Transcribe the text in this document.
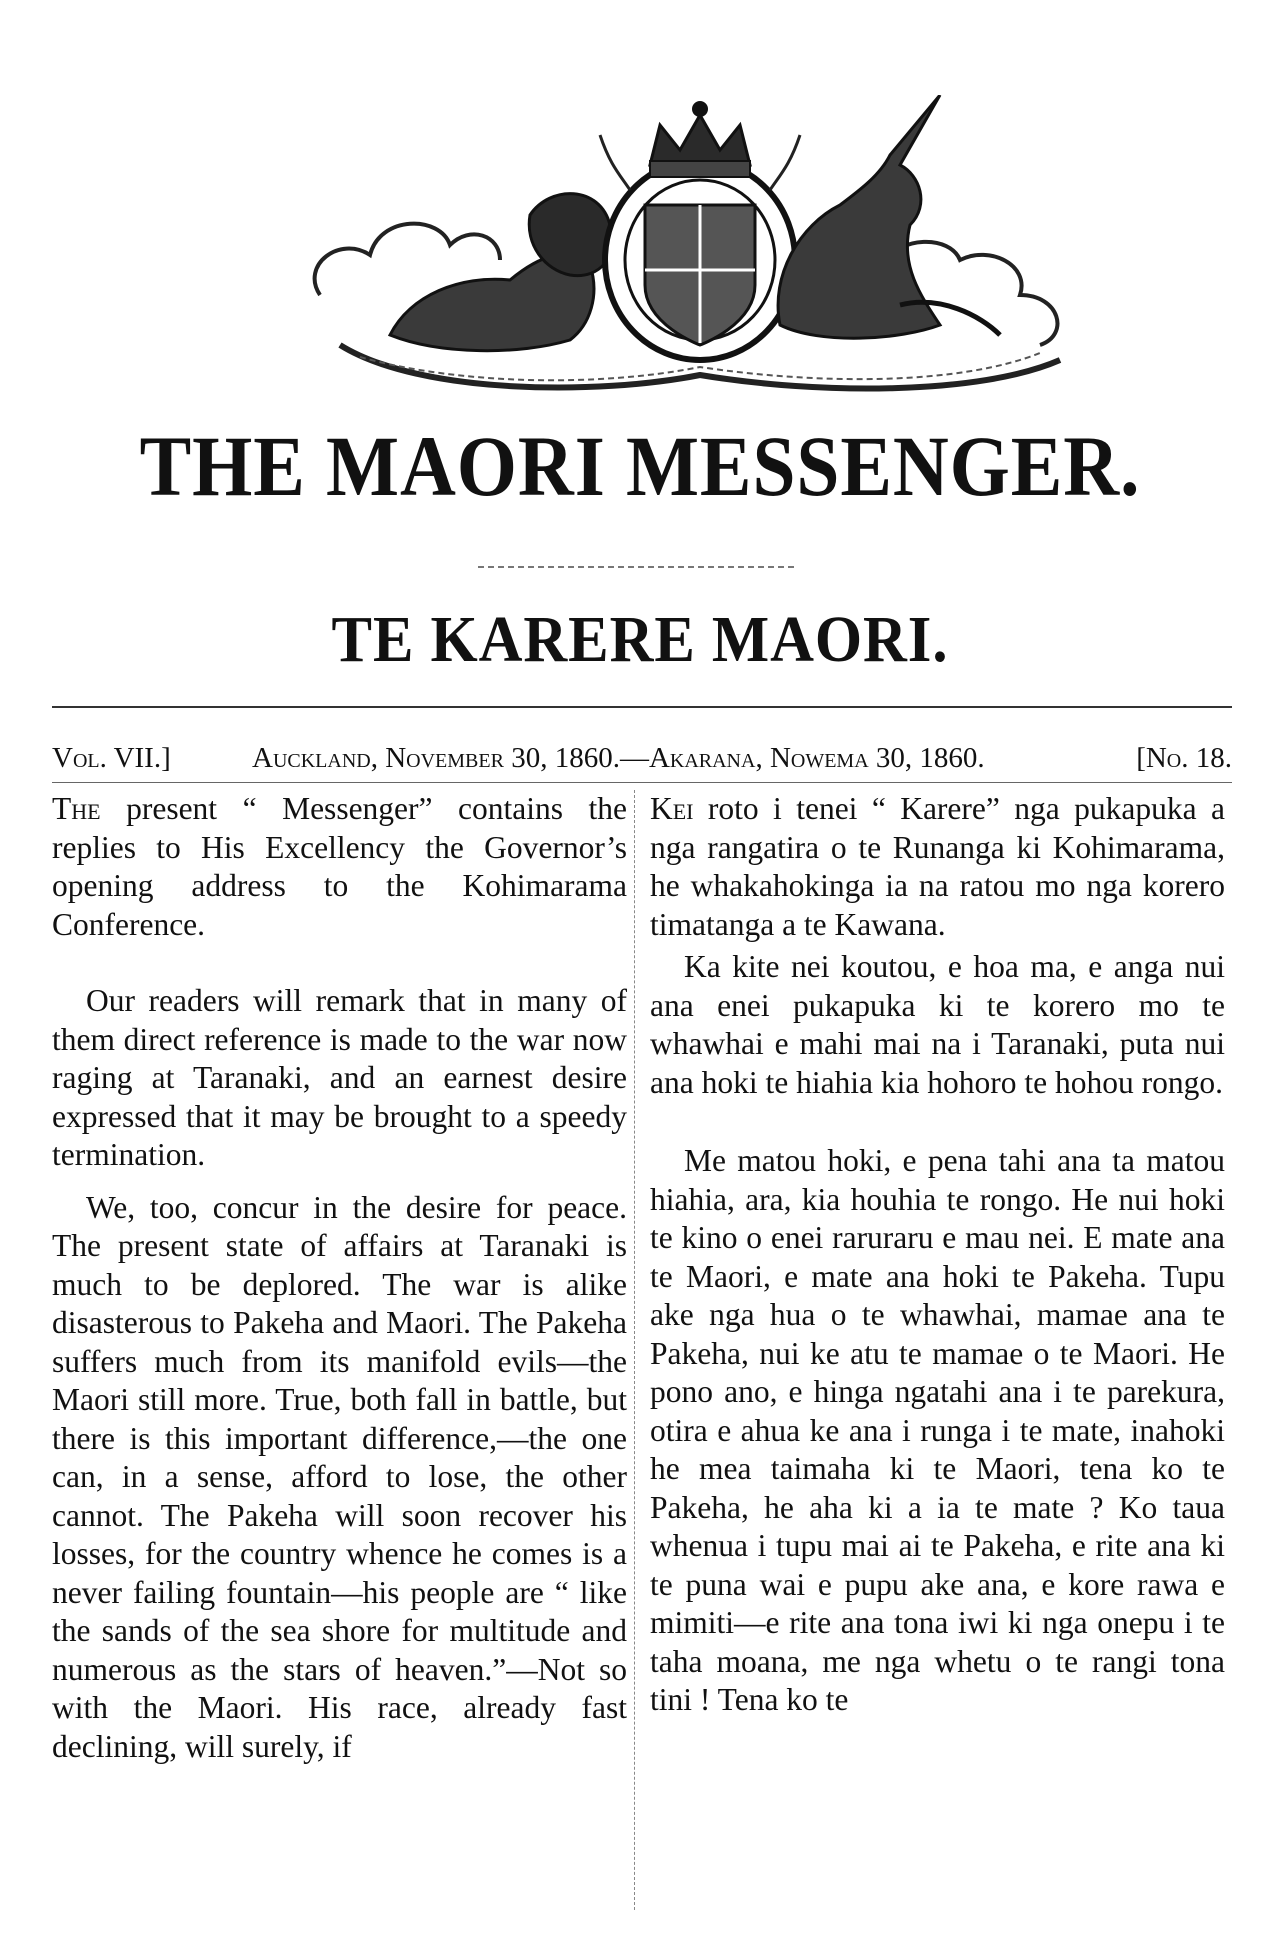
THE MAORI MESSENGER.
TE KARERE MAORI.
Vol. VII.]	Auckland, November 30, 1860.—Akarana, Nowema 30, 1860.	[No. 18.

The present “ Messenger” contains the replies to His Excellency the Governor’s opening address to the Kohimarama Conference.

Our readers will remark that in many of them direct reference is made to the war now raging at Taranaki, and an earnest desire expressed that it may be brought to a speedy termination.

We, too, concur in the desire for peace. The present state of affairs at Taranaki is much to be deplored. The war is alike disasterous to Pakeha and Maori. The Pakeha suffers much from its manifold evils—the Maori still more. True, both fall in battle, but there is this important difference,—the one can, in a sense, afford to lose, the other cannot. The Pakeha will soon recover his losses, for the country whence he comes is a never failing fountain—his people are “ like the sands of the sea shore for multitude and numerous as the stars of heaven.”—Not so with the Maori. His race, already fast declining, will surely, if

Kei roto i tenei “ Karere” nga pukapuka a nga rangatira o te Runanga ki Kohimarama, he whakahokinga ia na ratou mo nga korero timatanga a te Kawana.

Ka kite nei koutou, e hoa ma, e anga nui ana enei pukapuka ki te korero mo te whawhai e mahi mai na i Taranaki, puta nui ana hoki te hiahia kia hohoro te hohou rongo.

Me matou hoki, e pena tahi ana ta matou hiahia, ara, kia houhia te rongo. He nui hoki te kino o enei raruraru e mau nei. E mate ana te Maori, e mate ana hoki te Pakeha. Tupu ake nga hua o te whawhai, mamae ana te Pakeha, nui ke atu te mamae o te Maori. He pono ano, e hinga ngatahi ana i te parekura, otira e ahua ke ana i runga i te mate, inahoki he mea taimaha ki te Maori, tena ko te Pakeha, he aha ki a ia te mate ? Ko taua whenua i tupu mai ai te Pakeha, e rite ana ki te puna wai e pupu ake ana, e kore rawa e mimiti—e rite ana tona iwi ki nga onepu i te taha moana, me nga whetu o te rangi tona tini ! Tena ko te
